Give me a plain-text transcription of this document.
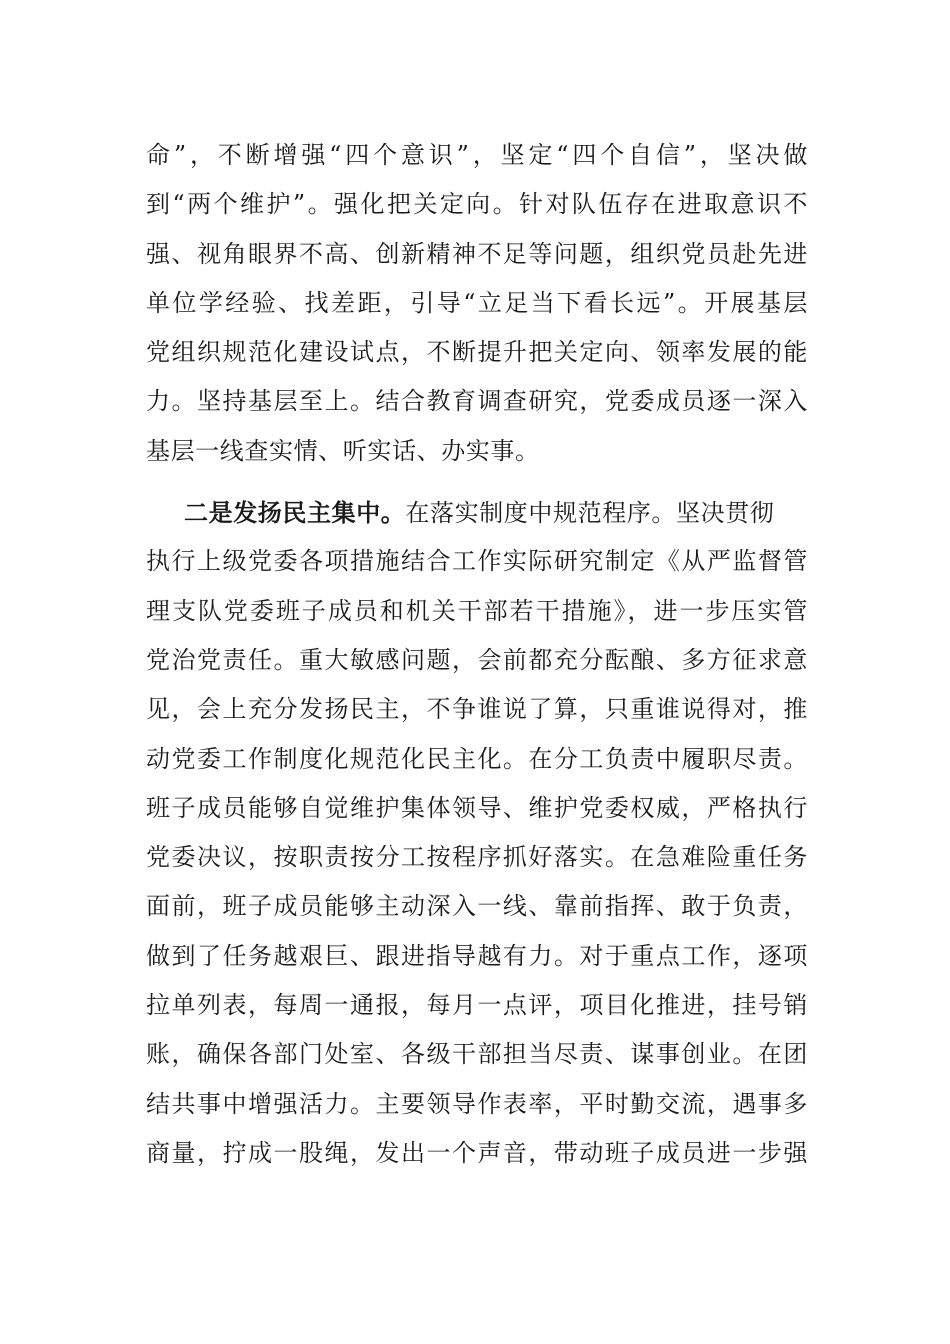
命”，不断增强“四个意识”，坚定“四个自信”，坚决做
到“两个维护”。强化把关定向。针对队伍存在进取意识不
强、视角眼界不高、创新精神不足等问题，组织党员赴先进
单位学经验、找差距，引导“立足当下看长远”。开展基层
党组织规范化建设试点，不断提升把关定向、领率发展的能
力。坚持基层至上。结合教育调查研究，党委成员逐一深入
基层一线查实情、听实话、办实事。
二是发扬民主集中。在落实制度中规范程序。坚决贯彻
执行上级党委各项措施结合工作实际研究制定《从严监督管
理支队党委班子成员和机关干部若干措施》，进一步压实管
党治党责任。重大敏感问题，会前都充分酝酿、多方征求意
见，会上充分发扬民主，不争谁说了算，只重谁说得对，推
动党委工作制度化规范化民主化。在分工负责中履职尽责。
班子成员能够自觉维护集体领导、维护党委权威，严格执行
党委决议，按职责按分工按程序抓好落实。在急难险重任务
面前，班子成员能够主动深入一线、靠前指挥、敢于负责，
做到了任务越艰巨、跟进指导越有力。对于重点工作，逐项
拉单列表，每周一通报，每月一点评，项目化推进，挂号销
账，确保各部门处室、各级干部担当尽责、谋事创业。在团
结共事中增强活力。主要领导作表率，平时勤交流，遇事多
商量，拧成一股绳，发出一个声音，带动班子成员进一步强
